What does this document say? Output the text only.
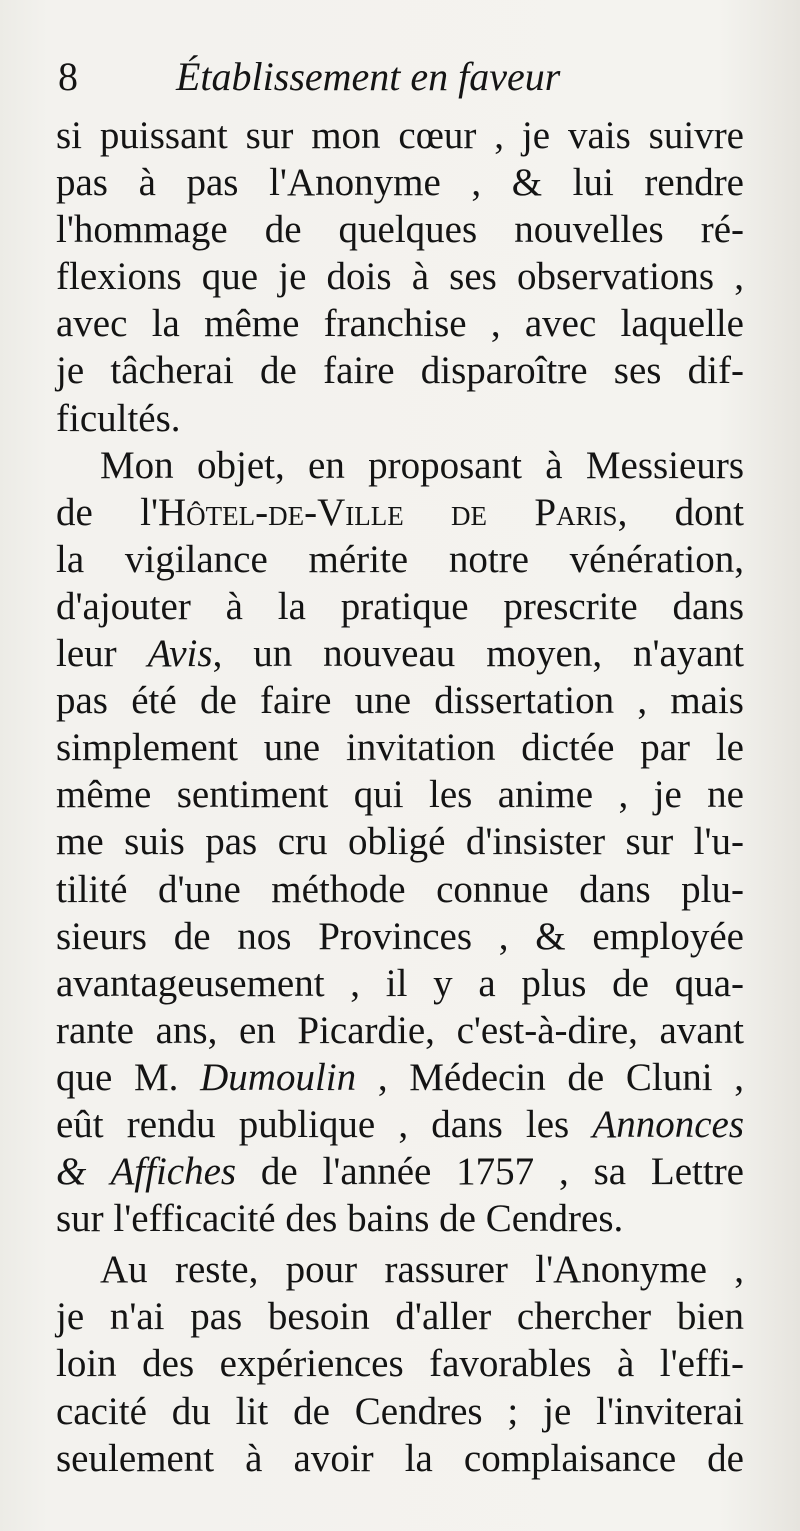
8 Établissement en faveur
si puissant sur mon cœur , je vais suivre
pas à pas l'Anonyme , & lui rendre
l'hommage de quelques nouvelles ré-
flexions que je dois à ses observations ,
avec la même franchise , avec laquelle
je tâcherai de faire disparoître ses dif-
ficultés.
Mon objet, en proposant à Messieurs
de l'Hôtel-de-Ville de Paris, dont
la vigilance mérite notre vénération,
d'ajouter à la pratique prescrite dans
leur Avis, un nouveau moyen, n'ayant
pas été de faire une dissertation , mais
simplement une invitation dictée par le
même sentiment qui les anime , je ne
me suis pas cru obligé d'insister sur l'u-
tilité d'une méthode connue dans plu-
sieurs de nos Provinces , & employée
avantageusement , il y a plus de qua-
rante ans, en Picardie, c'est-à-dire, avant
que M. Dumoulin , Médecin de Cluni ,
eût rendu publique , dans les Annonces
& Affiches de l'année 1757 , sa Lettre
sur l'efficacité des bains de Cendres.
Au reste, pour rassurer l'Anonyme ,
je n'ai pas besoin d'aller chercher bien
loin des expériences favorables à l'effi-
cacité du lit de Cendres ; je l'inviterai
seulement à avoir la complaisance de
